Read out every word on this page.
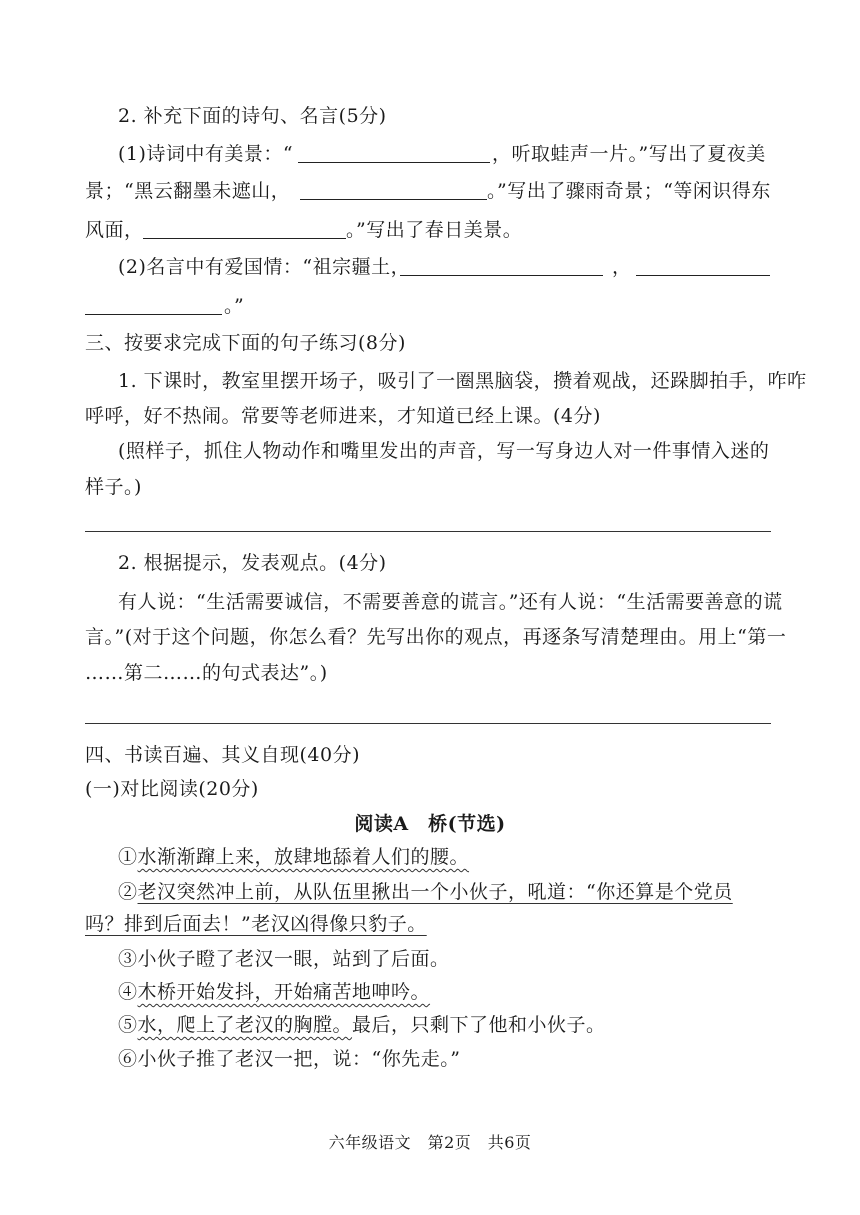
2. 补充下面的诗句、名言(5分)
(1)诗词中有美景：“	，听取蛙声一片。”写出了夏夜美
景；“黑云翻墨未遮山，	。”写出了骤雨奇景；“等闲识得东
风面，	。”写出了春日美景。
(2)名言中有爱国情：“祖宗疆土，	，
。”
三、按要求完成下面的句子练习(8分)
1. 下课时，教室里摆开场子，吸引了一圈黑脑袋，攒着观战，还跺脚拍手，咋咋
呼呼，好不热闹。常要等老师进来，才知道已经上课。(4分)
(照样子，抓住人物动作和嘴里发出的声音，写一写身边人对一件事情入迷的
样子。)
2. 根据提示，发表观点。(4分)
有人说：“生活需要诚信，不需要善意的谎言。”还有人说：“生活需要善意的谎
言。”(对于这个问题，你怎么看？先写出你的观点，再逐条写清楚理由。用上“第一
……第二……的句式表达”。)
四、书读百遍、其义自现(40分)
(一)对比阅读(20分)
阅读A　桥(节选)
①水渐渐蹿上来，放肆地舔着人们的腰。
②老汉突然冲上前，从队伍里揪出一个小伙子，吼道：“你还算是个党员
吗？排到后面去！”老汉凶得像只豹子。
③小伙子瞪了老汉一眼，站到了后面。
④木桥开始发抖，开始痛苦地呻吟。
⑤水，爬上了老汉的胸膛。最后，只剩下了他和小伙子。
⑥小伙子推了老汉一把，说：“你先走。”
六年级语文　第2页　共6页
